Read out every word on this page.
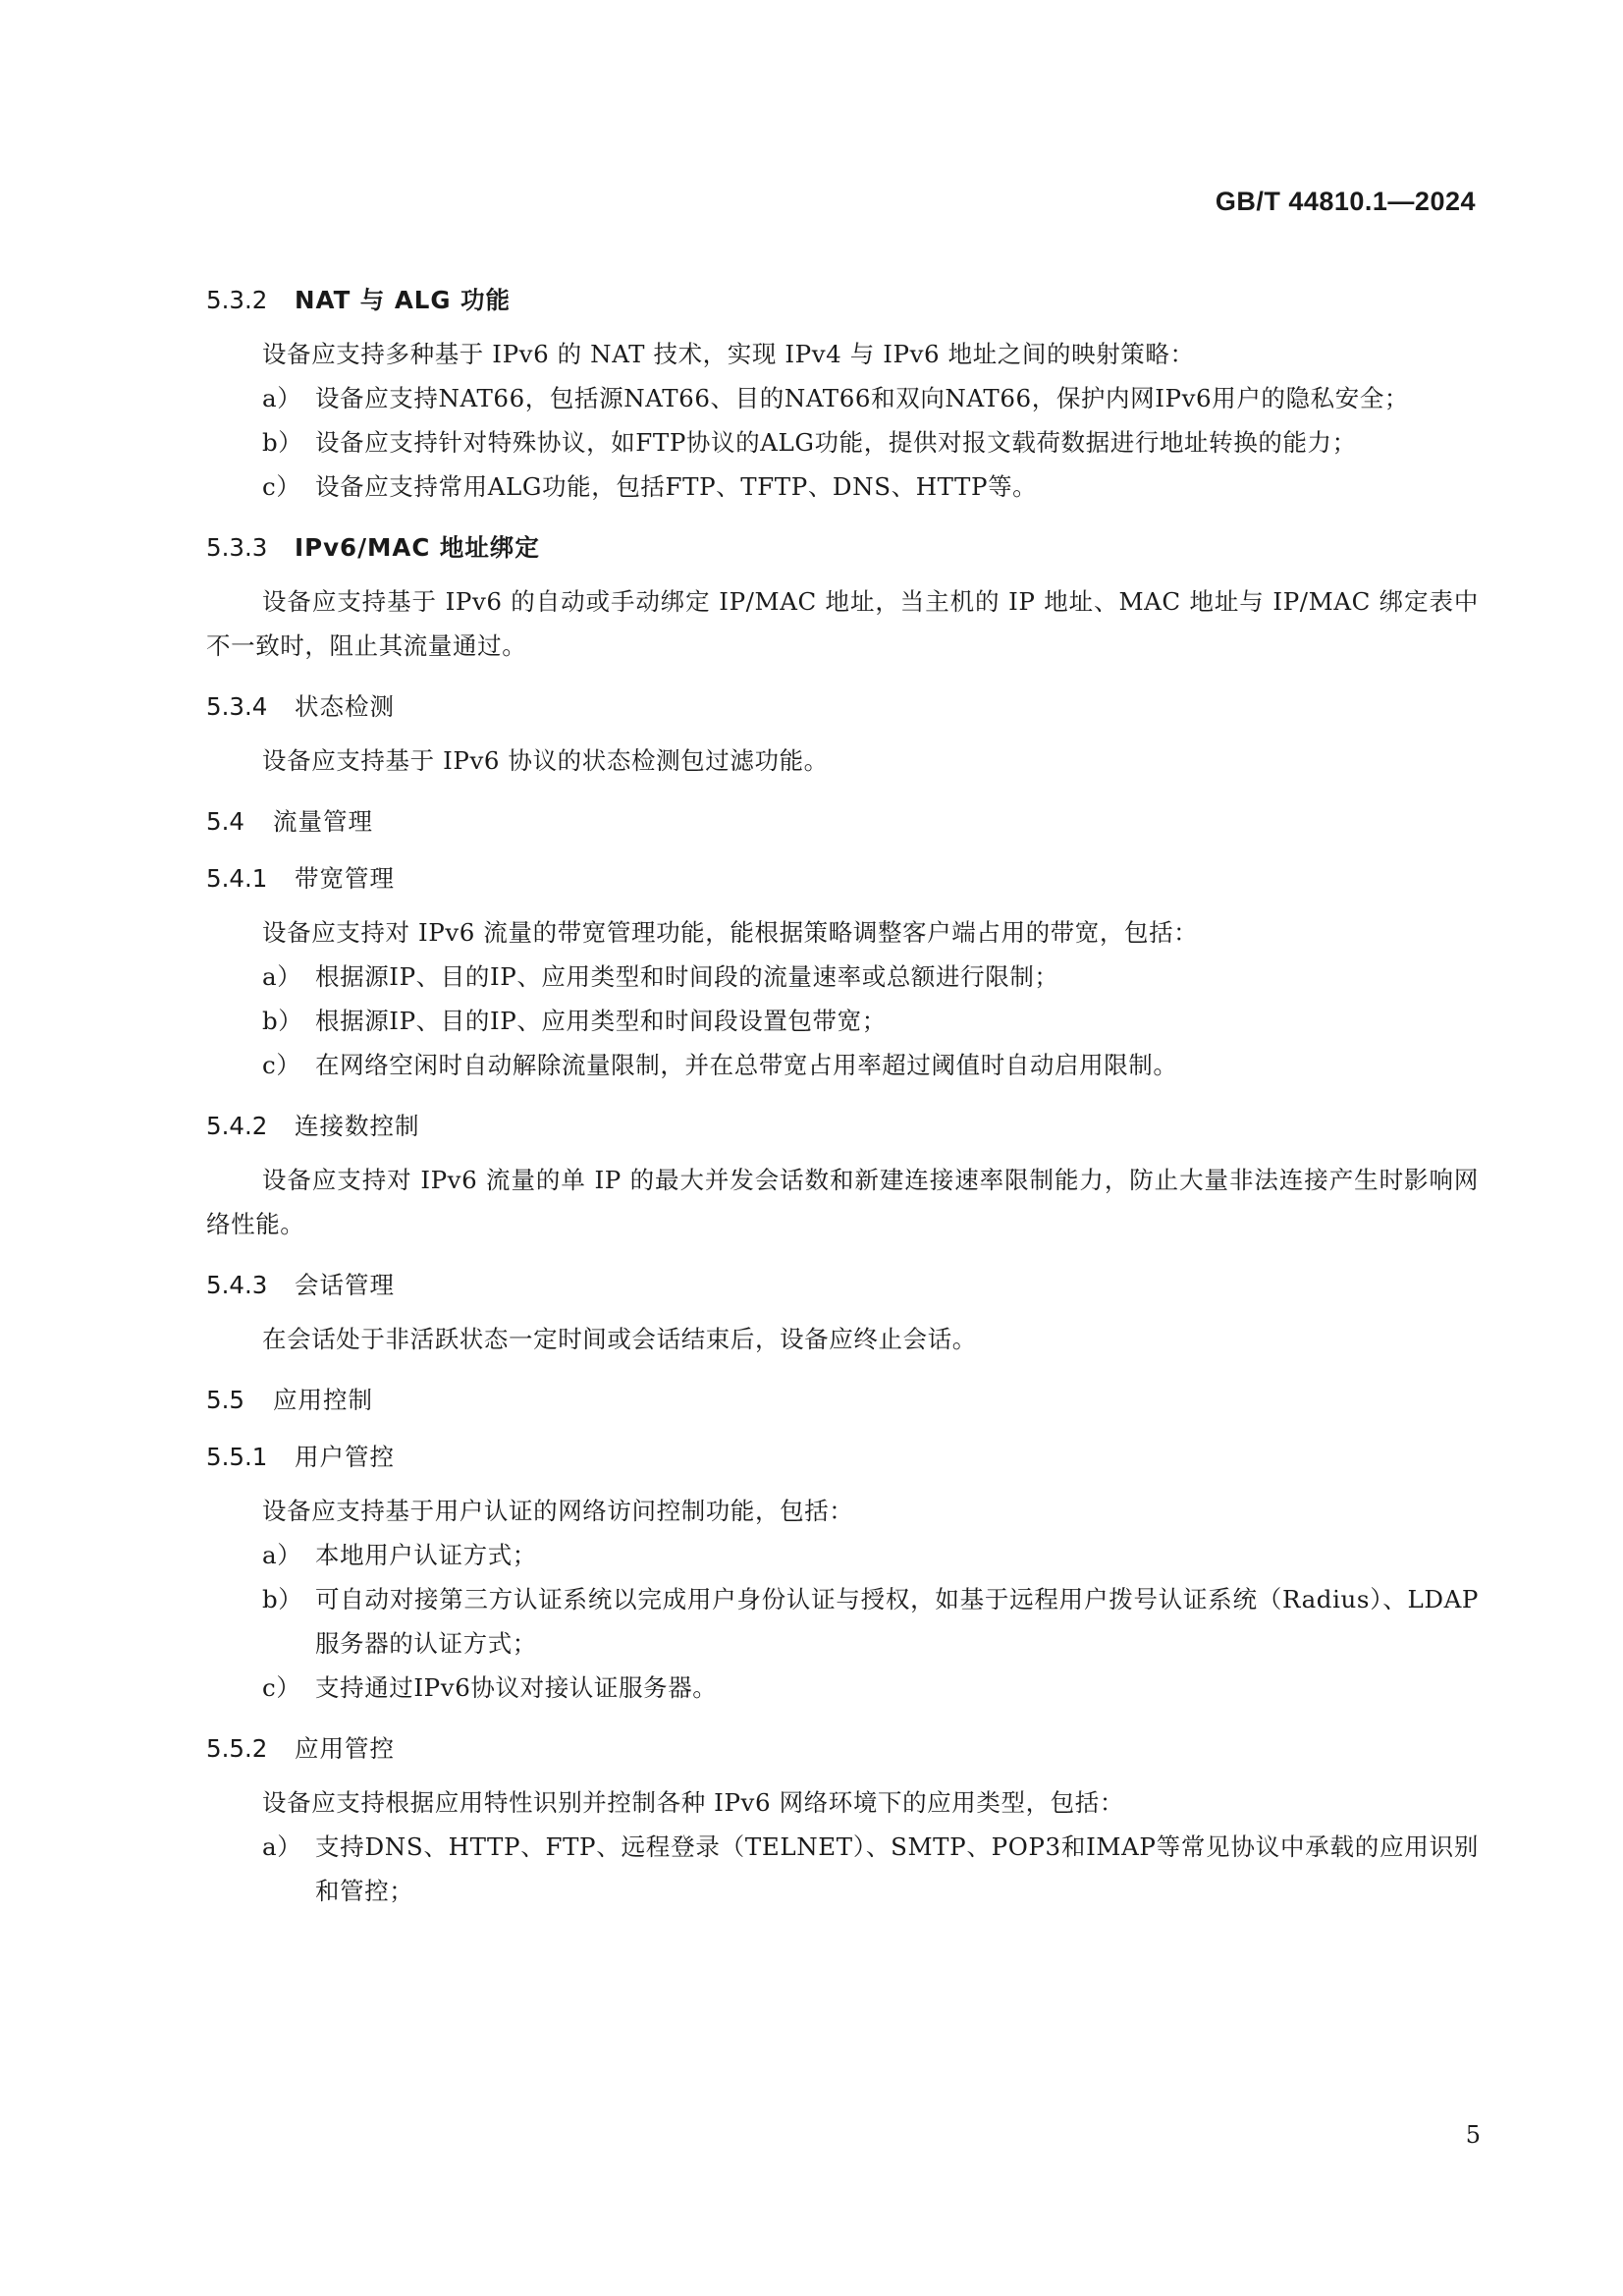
GB/T 44810.1—2024

5.3.2 NAT 与 ALG 功能

设备应支持多种基于 IPv6 的 NAT 技术，实现 IPv4 与 IPv6 地址之间的映射策略：

a） 设备应支持NAT66，包括源NAT66、目的NAT66和双向NAT66，保护内网IPv6用户的隐私安全；
b） 设备应支持针对特殊协议，如FTP协议的ALG功能，提供对报文载荷数据进行地址转换的能力；
c） 设备应支持常用ALG功能，包括FTP、TFTP、DNS、HTTP等。

5.3.3 IPv6/MAC 地址绑定

设备应支持基于 IPv6 的自动或手动绑定 IP/MAC 地址，当主机的 IP 地址、MAC 地址与 IP/MAC 绑定表中不一致时，阻止其流量通过。

5.3.4 状态检测

设备应支持基于 IPv6 协议的状态检测包过滤功能。

5.4 流量管理

5.4.1 带宽管理

设备应支持对 IPv6 流量的带宽管理功能，能根据策略调整客户端占用的带宽，包括：

a） 根据源IP、目的IP、应用类型和时间段的流量速率或总额进行限制；
b） 根据源IP、目的IP、应用类型和时间段设置包带宽；
c） 在网络空闲时自动解除流量限制，并在总带宽占用率超过阈值时自动启用限制。

5.4.2 连接数控制

设备应支持对 IPv6 流量的单 IP 的最大并发会话数和新建连接速率限制能力，防止大量非法连接产生时影响网络性能。

5.4.3 会话管理

在会话处于非活跃状态一定时间或会话结束后，设备应终止会话。

5.5 应用控制

5.5.1 用户管控

设备应支持基于用户认证的网络访问控制功能，包括：

a） 本地用户认证方式；
b） 可自动对接第三方认证系统以完成用户身份认证与授权，如基于远程用户拨号认证系统（Radius）、LDAP服务器的认证方式；
c） 支持通过IPv6协议对接认证服务器。

5.5.2 应用管控

设备应支持根据应用特性识别并控制各种 IPv6 网络环境下的应用类型，包括：

a） 支持DNS、HTTP、FTP、远程登录（TELNET）、SMTP、POP3和IMAP等常见协议中承载的应用识别和管控；
5
